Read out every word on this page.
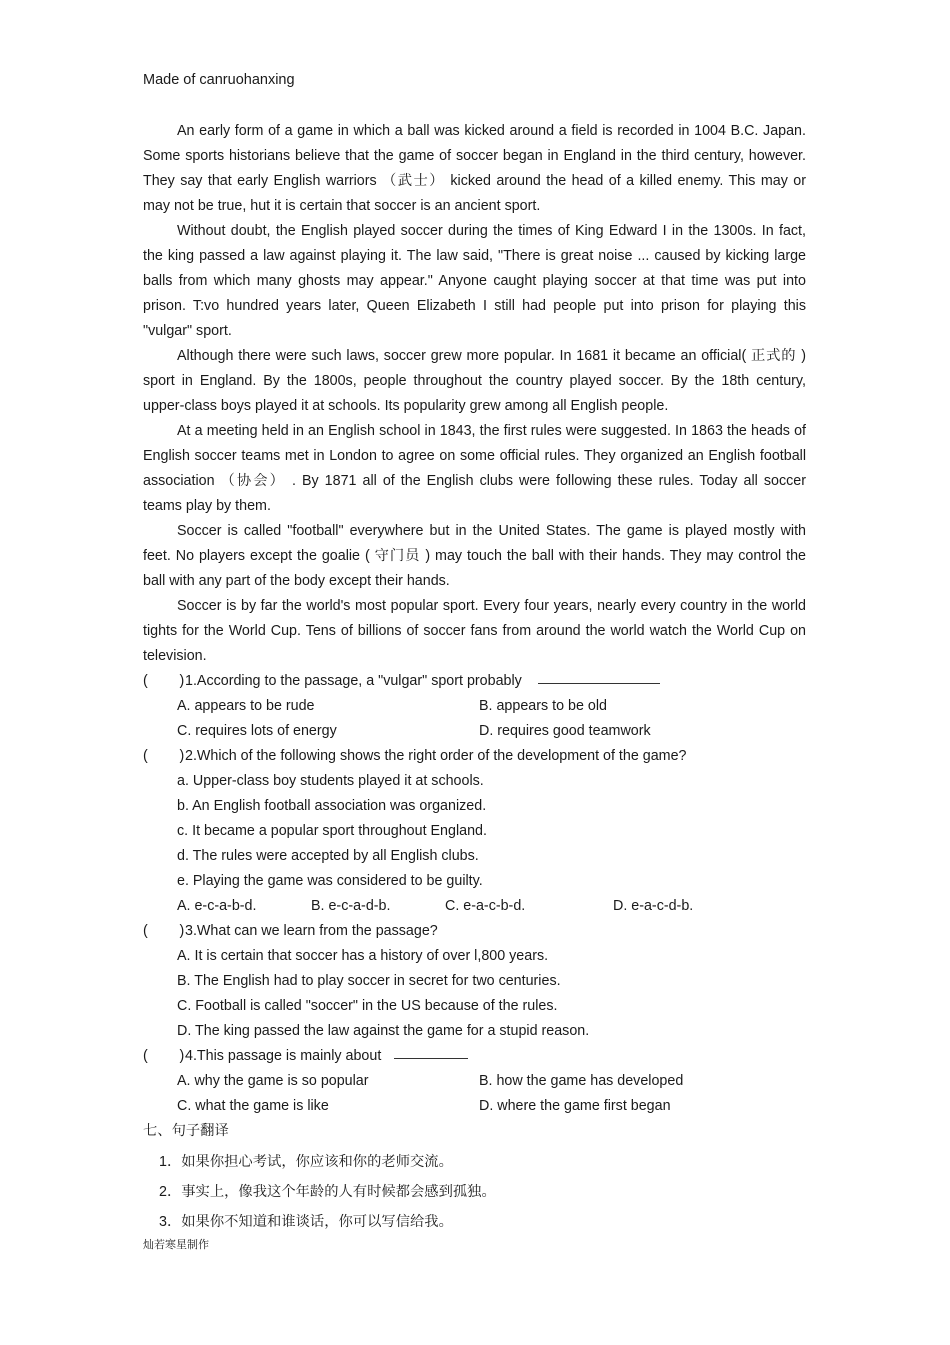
Made of canruohanxing

An early form of a game in which a ball was kicked around a field is recorded in 1004 B.C. Japan. Some sports historians believe that the game of soccer began in England in the third century, however. They say that early English warriors （武士） kicked around the head of a killed enemy. This may or may not be true, hut it is certain that soccer is an ancient sport.

Without doubt, the English played soccer during the times of King Edward I in the 1300s. In fact, the king passed a law against playing it. The law said, "There is great noise ... caused by kicking large balls from which many ghosts may appear." Anyone caught playing soccer at that time was put into prison. T:vo hundred years later, Queen Elizabeth I still had people put into prison for playing this "vulgar" sport.

Although there were such laws, soccer grew more popular. In 1681 it became an official( 正式的 ) sport in England. By the 1800s, people throughout the country played soccer. By the 18th century, upper-class boys played it at schools. Its popularity grew among all English people.

At a meeting held in an English school in 1843, the first rules were suggested. In 1863 the heads of English soccer teams met in London to agree on some official rules. They organized an English football association （协会） . By 1871 all of the English clubs were following these rules. Today all soccer teams play by them.

Soccer is called "football" everywhere but in the United States. The game is played mostly with feet. No players except the goalie ( 守门员 ) may touch the ball with their hands. They may control the ball with any part of the body except their hands.

Soccer is by far the world's most popular sport. Every four years, nearly every country in the world tights for the World Cup. Tens of billions of soccer fans from around the world watch the World Cup on television.

(        ) 1.According to the passage, a "vulgar" sport probably
A. appears to be rude	B. appears to be old
C. requires lots of energy	D. requires good teamwork
(        ) 2.Which of the following shows the right order of the development of the game?
a. Upper-class boy students played it at schools.
b. An English football association was organized.
c. It became a popular sport throughout England.
d. The rules were accepted by all English clubs.
e. Playing the game was considered to be guilty.
A. e-c-a-b-d.	B. e-c-a-d-b.	C. e-a-c-b-d.	D. e-a-c-d-b.
(        ) 3.What can we learn from the passage?
A. It is certain that soccer has a history of over l,800 years.
B. The English had to play soccer in secret for two centuries.
C. Football is called "soccer" in the US because of the rules.
D. The king passed the law against the game for a stupid reason.
(        ) 4.This passage is mainly about
A. why the game is so popular	B. how the game has developed
C. what the game is like	D. where the game first began
七、句子翻译
1．如果你担心考试，你应该和你的老师交流。
2．事实上，像我这个年龄的人有时候都会感到孤独。
3．如果你不知道和谁谈话，你可以写信给我。
灿若寒星制作
